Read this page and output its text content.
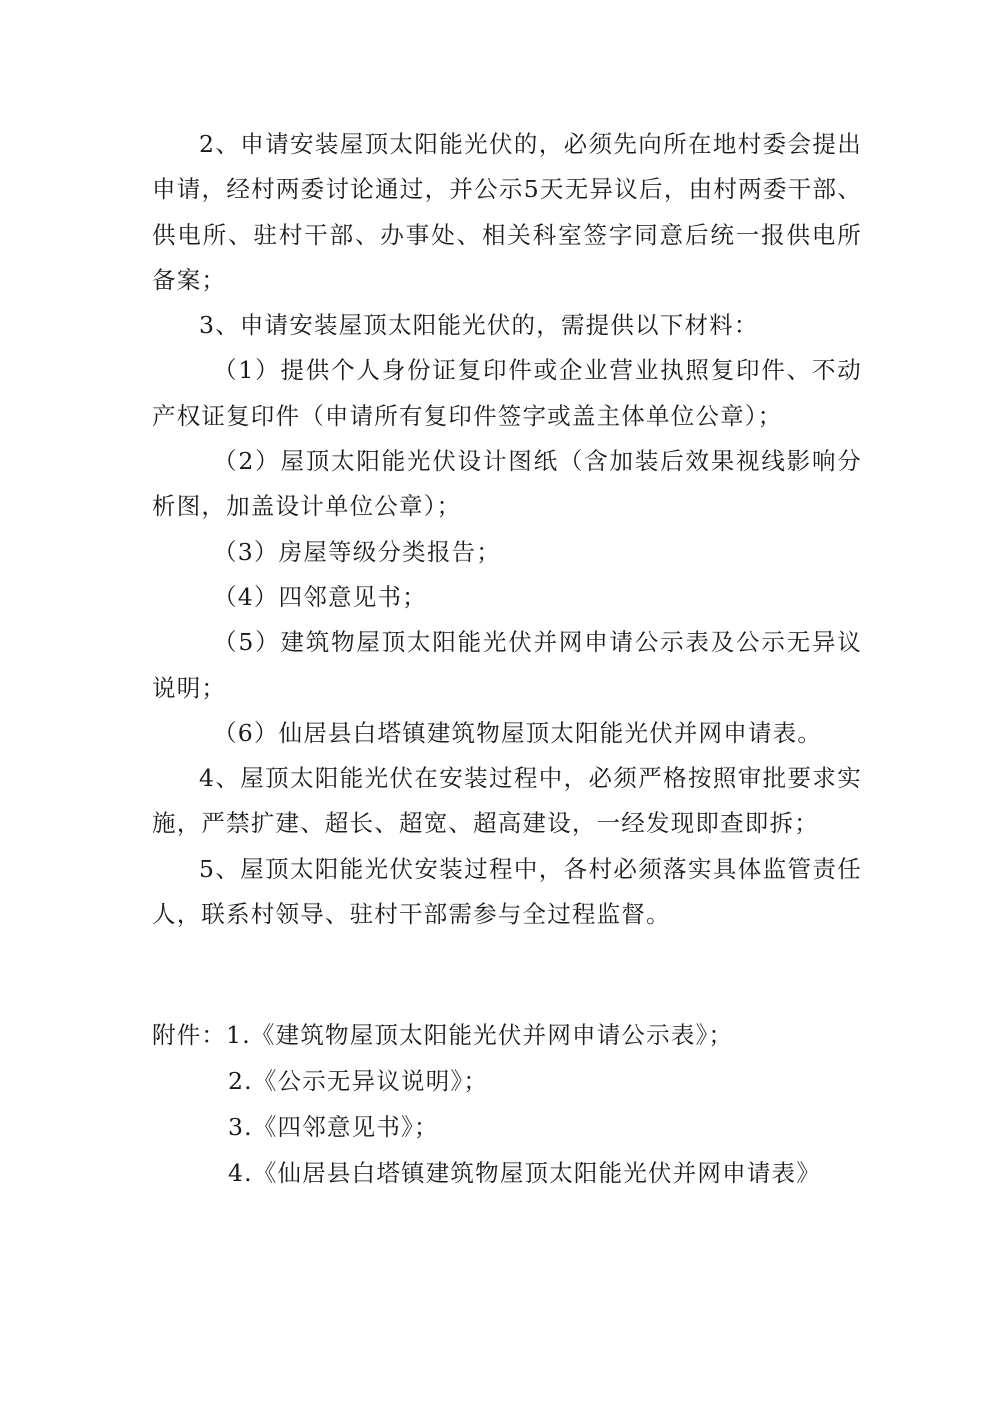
2、申请安装屋顶太阳能光伏的，必须先向所在地村委会提出申请，经村两委讨论通过，并公示5天无异议后，由村两委干部、供电所、驻村干部、办事处、相关科室签字同意后统一报供电所备案；

3、申请安装屋顶太阳能光伏的，需提供以下材料：

（1）提供个人身份证复印件或企业营业执照复印件、不动产权证复印件（申请所有复印件签字或盖主体单位公章）；

（2）屋顶太阳能光伏设计图纸（含加装后效果视线影响分析图，加盖设计单位公章）；

（3）房屋等级分类报告；

（4）四邻意见书；

（5）建筑物屋顶太阳能光伏并网申请公示表及公示无异议说明；

（6）仙居县白塔镇建筑物屋顶太阳能光伏并网申请表。

4、屋顶太阳能光伏在安装过程中，必须严格按照审批要求实施，严禁扩建、超长、超宽、超高建设，一经发现即查即拆；

5、屋顶太阳能光伏安装过程中，各村必须落实具体监管责任人，联系村领导、驻村干部需参与全过程监督。

附件：1.《建筑物屋顶太阳能光伏并网申请公示表》；

2.《公示无异议说明》；

3.《四邻意见书》；

4.《仙居县白塔镇建筑物屋顶太阳能光伏并网申请表》
